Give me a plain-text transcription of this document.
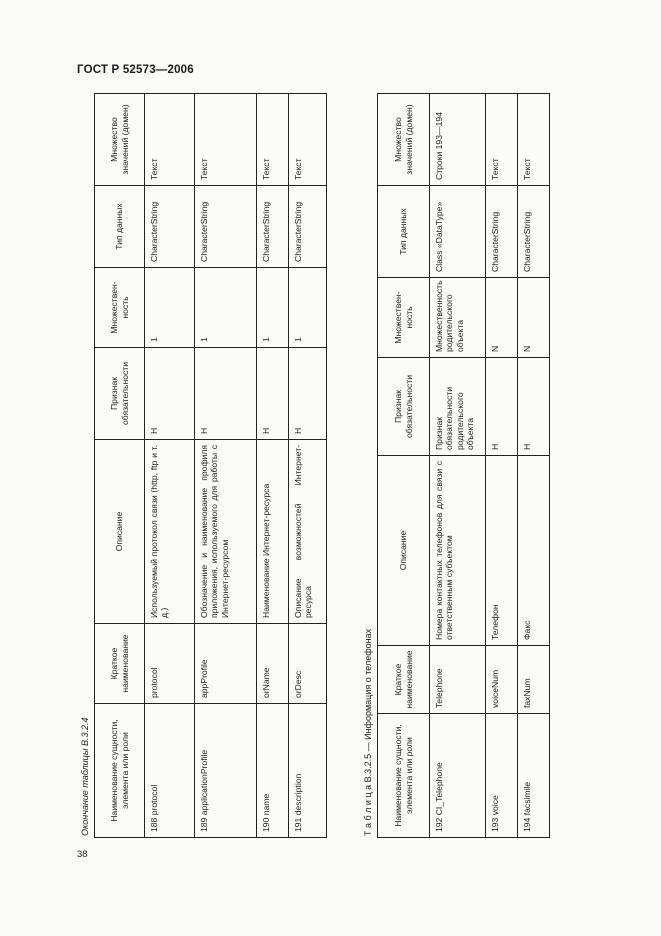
ГОСТ Р 52573—2006
Окончание таблицы В.3.2.4 Наименование сущности, элемента или роли	Краткое наименование	Описание	Признак обязательности	Множествен-ность	Тип данных	Множество значений (домен)
188 protocol	protocol	Используемый протокол связи (http, ftp и т. д.)	Н	1	CharacterString	Текст
189 applicationProfile	appProfile	Обозначение и наименование профиля приложения, используемого для работы с Интернет-ресурсом	Н	1	CharacterString	Текст
190 name	orName	Наименование Интернет-ресурса	Н	1	CharacterString	Текст
191 description	orDesc	Описание возможностей Интернет-ресурса	Н	1	CharacterString	Текст
Т а б л и ц а В.3.2.5 — Информация о телефонах Наименование сущности, элемента или роли	Краткое наименование	Описание	Признак обязательности	Множествен-ность	Тип данных	Множество значений (домен)
192 CI_Telephone	Telephone	Номера контактных телефонов для связи с ответственным субъектом	Признак обязательности родительского объекта	Множественность родительского объекта	Class «DataType»	Строки 193—194
193 voice	voiceNum	Телефон	Н	N	CharacterString	Текст
194 facsimile	faxNum	Факс	Н	N	CharacterString	Текст
38
